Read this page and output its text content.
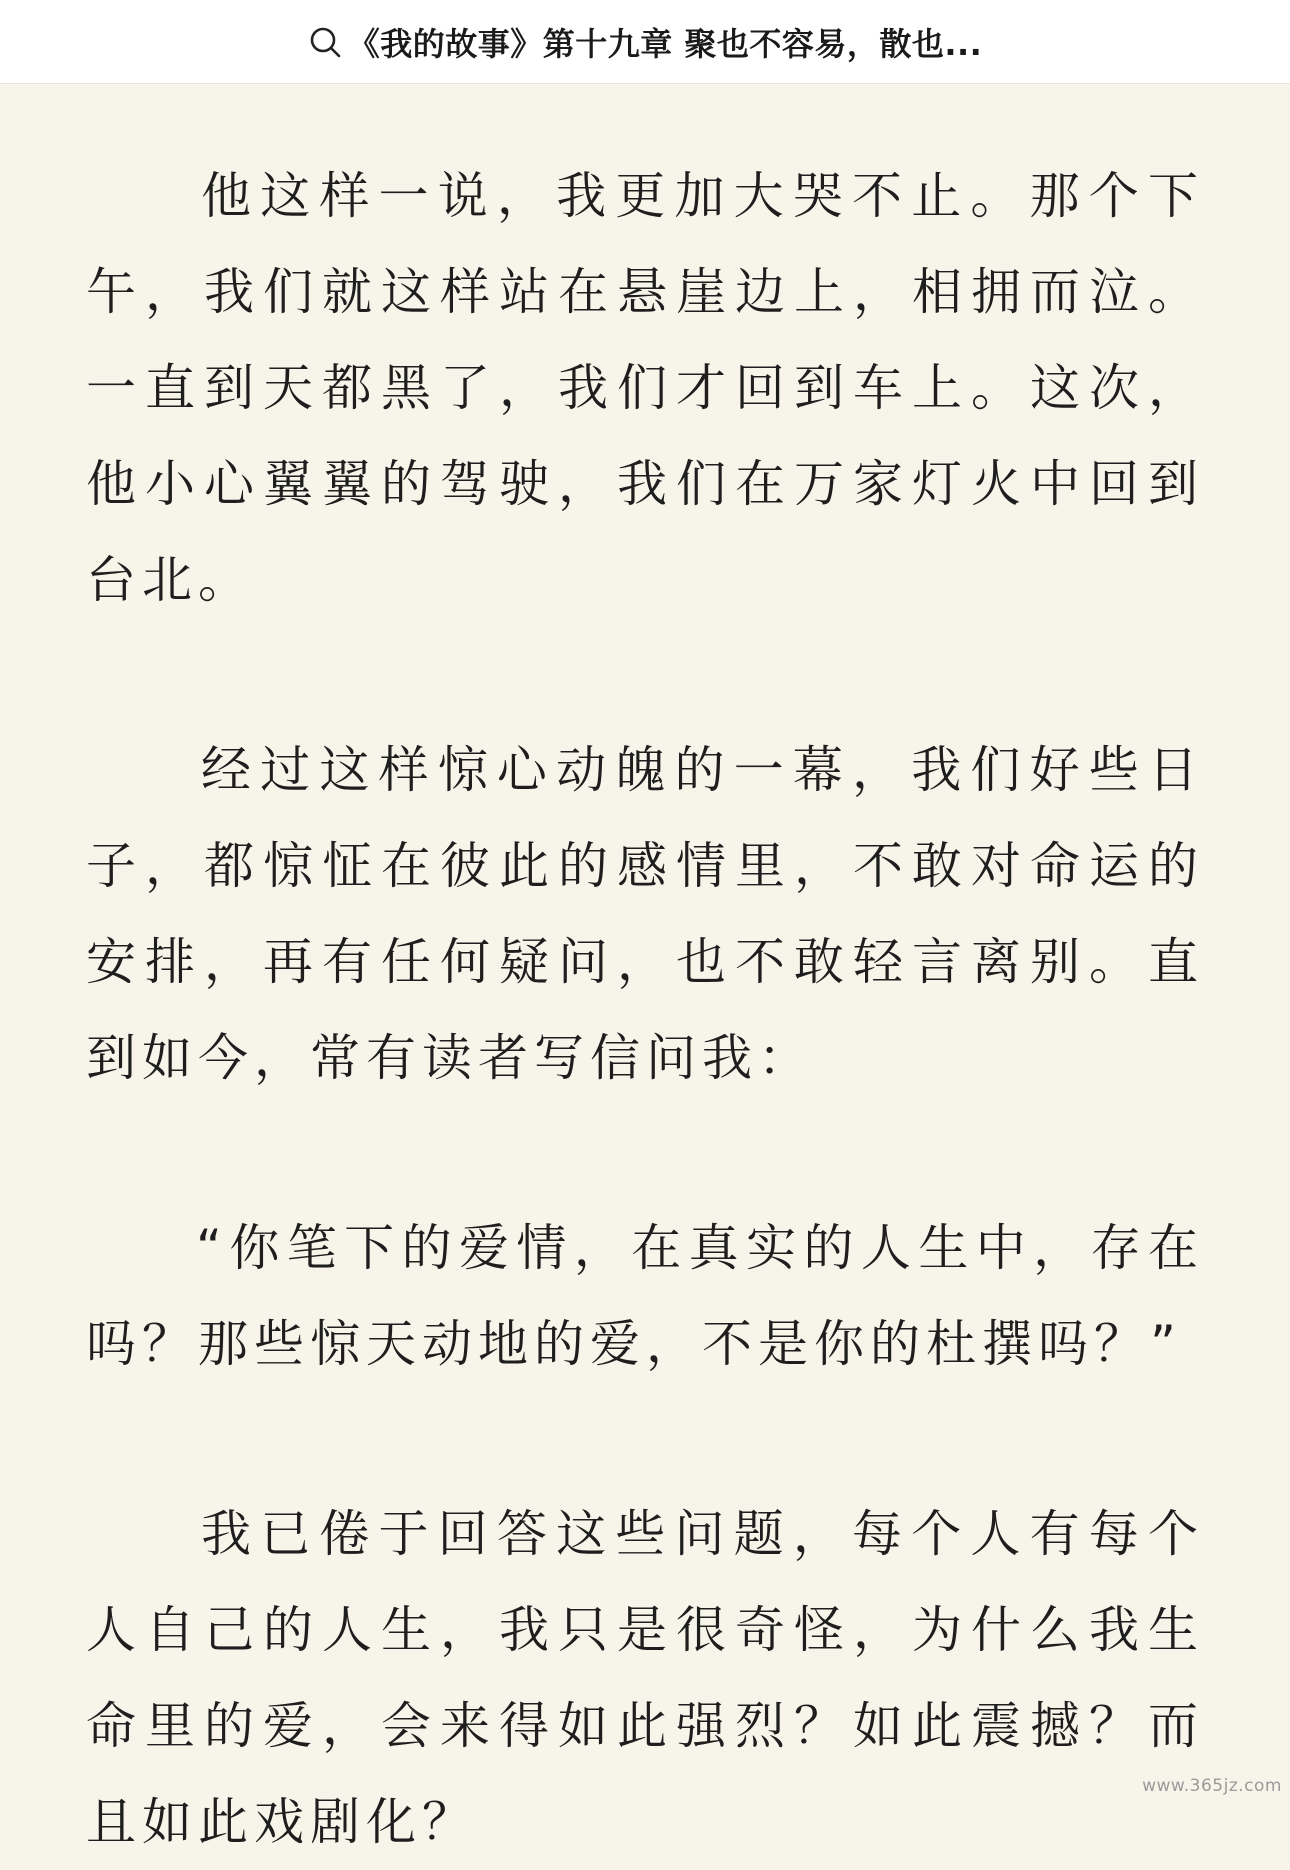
《我的故事》第十九章 聚也不容易，散也...

他这样一说，我更加大哭不止。那个下午，我们就这样站在悬崖边上，相拥而泣。一直到天都黑了，我们才回到车上。这次，他小心翼翼的驾驶，我们在万家灯火中回到台北。

经过这样惊心动魄的一幕，我们好些日子，都惊怔在彼此的感情里，不敢对命运的安排，再有任何疑问，也不敢轻言离别。直到如今，常有读者写信问我：

“你笔下的爱情，在真实的人生中，存在吗？那些惊天动地的爱，不是你的杜撰吗？”

我已倦于回答这些问题，每个人有每个人自己的人生，我只是很奇怪，为什么我生命里的爱，会来得如此强烈？如此震撼？而且如此戏剧化？

www.365jz.com
